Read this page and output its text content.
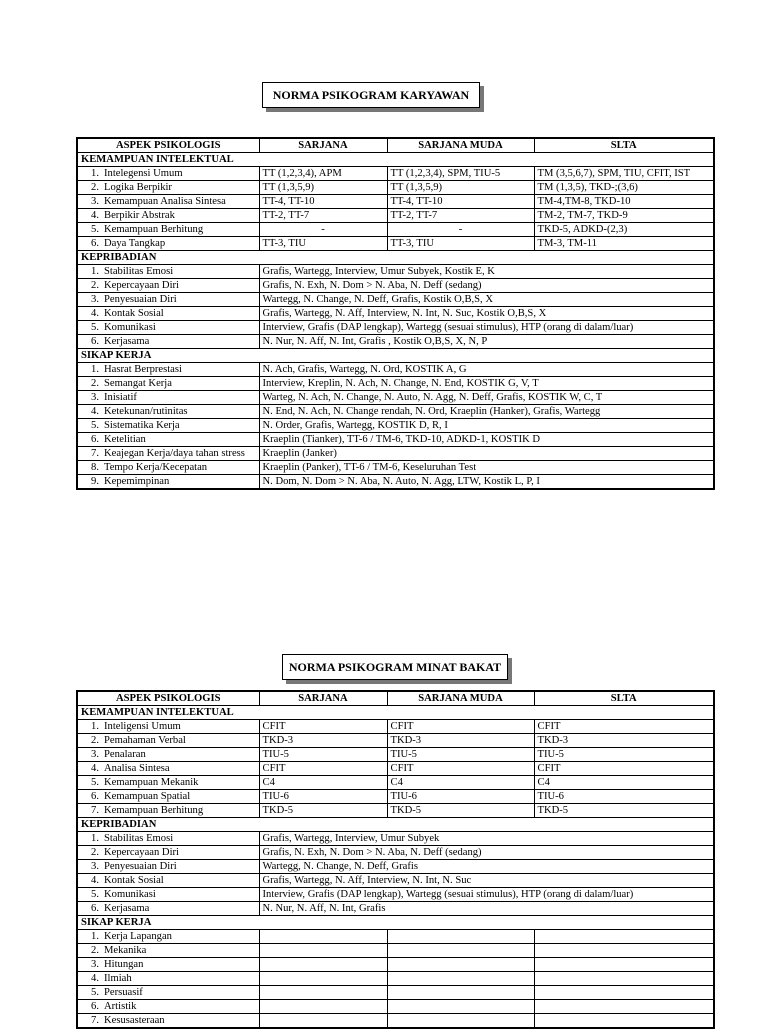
NORMA PSIKOGRAM KARYAWAN
ASPEK PSIKOLOGIS	SARJANA	SARJANA MUDA	SLTA
KEMAMPUAN INTELEKTUAL			
1. Intelegensi Umum	TT (1,2,3,4), APM	TT (1,2,3,4), SPM, TIU-5	TM (3,5,6,7), SPM, TIU, CFIT, IST
2. Logika Berpikir	TT (1,3,5,9)	TT (1,3,5,9)	TM (1,3,5), TKD-;(3,6)
3. Kemampuan Analisa Sintesa	TT-4, TT-10	TT-4, TT-10	TM-4,TM-8, TKD-10
4. Berpikir Abstrak	TT-2, TT-7	TT-2, TT-7	TM-2, TM-7, TKD-9
5. Kemampuan Berhitung	-	-	TKD-5, ADKD-(2,3)
6. Daya Tangkap	TT-3, TIU	TT-3, TIU	TM-3, TM-11
KEPRIBADIAN			
1. Stabilitas Emosi	Grafis, Wartegg, Interview, Umur Subyek, Kostik E, K		
2. Kepercayaan Diri	Grafis, N. Exh, N. Dom > N. Aba, N. Deff (sedang)		
3. Penyesuaian Diri	Wartegg, N. Change, N. Deff, Grafis, Kostik O,B,S, X		
4. Kontak Sosial	Grafis, Wartegg, N. Aff, Interview, N. Int, N. Suc, Kostik O,B,S, X		
5. Komunikasi	Interview, Grafis (DAP lengkap), Wartegg (sesuai stimulus), HTP (orang di dalam/luar)		
6. Kerjasama	N. Nur, N. Aff, N. Int, Grafis , Kostik O,B,S, X, N, P		
SIKAP KERJA			
1. Hasrat Berprestasi	N. Ach, Grafis, Wartegg, N. Ord, KOSTIK A, G		
2. Semangat Kerja	Interview, Kreplin, N. Ach, N. Change, N. End, KOSTIK G, V, T		
3. Inisiatif	Warteg, N. Ach, N. Change, N. Auto, N. Agg, N. Deff, Grafis, KOSTIK W, C, T		
4. Ketekunan/rutinitas	N. End, N. Ach, N. Change rendah, N. Ord, Kraeplin (Hanker), Grafis, Wartegg		
5. Sistematika Kerja	N. Order, Grafis, Wartegg, KOSTIK D, R, I		
6. Ketelitian	Kraeplin (Tianker), TT-6 / TM-6, TKD-10, ADKD-1, KOSTIK D		
7. Keajegan Kerja/daya tahan stress	Kraeplin (Janker)		
8. Tempo Kerja/Kecepatan	Kraeplin (Panker), TT-6 / TM-6, Keseluruhan Test		
9. Kepemimpinan	N. Dom, N. Dom > N. Aba, N. Auto, N. Agg, LTW, Kostik L, P, I		
NORMA PSIKOGRAM MINAT BAKAT
ASPEK PSIKOLOGIS	SARJANA	SARJANA MUDA	SLTA
KEMAMPUAN INTELEKTUAL			
1. Inteligensi Umum	CFIT	CFIT	CFIT
2. Pemahaman Verbal	TKD-3	TKD-3	TKD-3
3. Penalaran	TIU-5	TIU-5	TIU-5
4. Analisa Sintesa	CFIT	CFIT	CFIT
5. Kemampuan Mekanik	C4	C4	C4
6. Kemampuan Spatial	TIU-6	TIU-6	TIU-6
7. Kemampuan Berhitung	TKD-5	TKD-5	TKD-5
KEPRIBADIAN			
1. Stabilitas Emosi	Grafis, Wartegg, Interview, Umur Subyek		
2. Kepercayaan Diri	Grafis, N. Exh, N. Dom > N. Aba, N. Deff (sedang)		
3. Penyesuaian Diri	Wartegg, N. Change, N. Deff, Grafis		
4. Kontak Sosial	Grafis, Wartegg, N. Aff, Interview, N. Int, N. Suc		
5. Komunikasi	Interview, Grafis (DAP lengkap), Wartegg (sesuai stimulus), HTP (orang di dalam/luar)		
6. Kerjasama	N. Nur, N. Aff, N. Int, Grafis		
SIKAP KERJA			
1. Kerja Lapangan			
2. Mekanika			
3. Hitungan			
4. Ilmiah			
5. Persuasif			
6. Artistik			
7. Kesusasteraan			
